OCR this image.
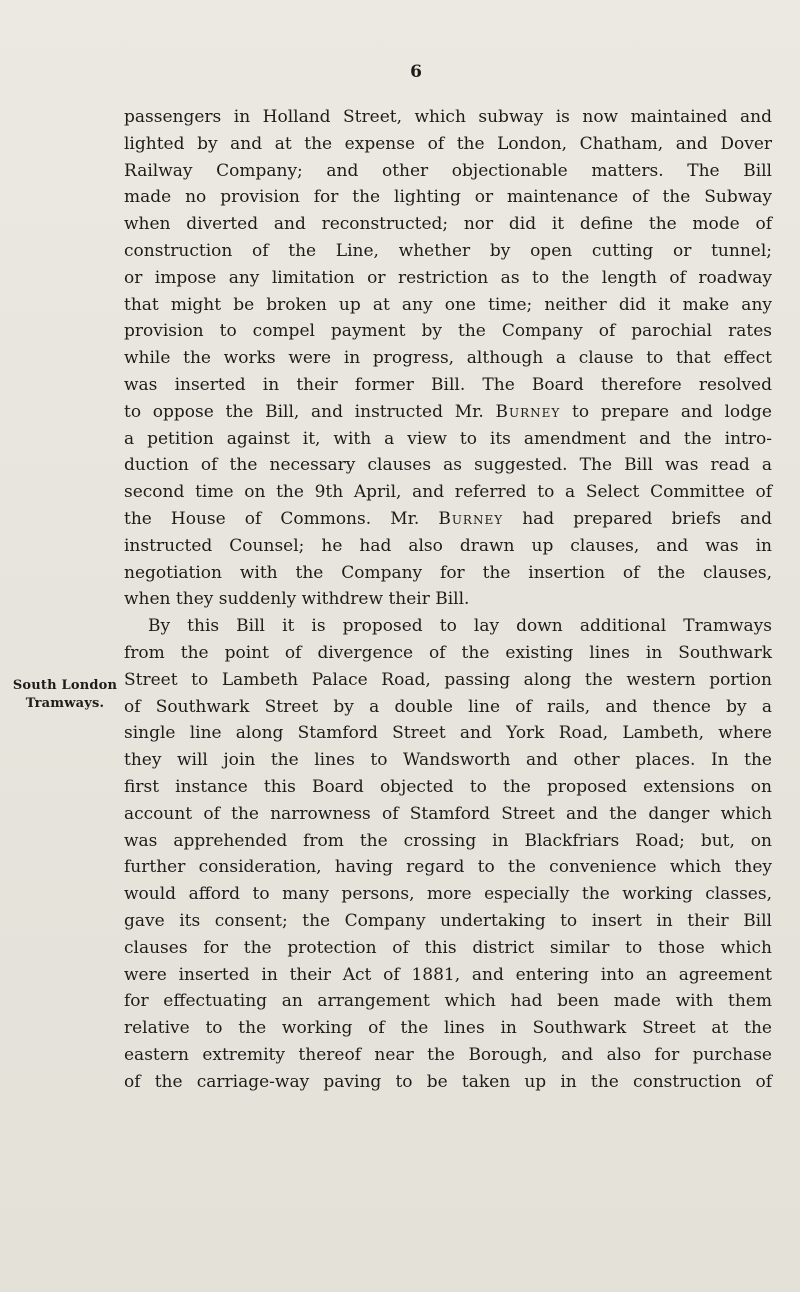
6
South London
Tramways.
passengers in Holland Street, which subway is now maintained and
lighted by and at the expense of the London, Chatham, and Dover
Railway Company; and other objectionable matters. The Bill
made no provision for the lighting or maintenance of the Subway
when diverted and reconstructed; nor did it define the mode of
construction of the Line, whether by open cutting or tunnel;
or impose any limitation or restriction as to the length of roadway
that might be broken up at any one time; neither did it make any
provision to compel payment by the Company of parochial rates
while the works were in progress, although a clause to that effect
was inserted in their former Bill. The Board therefore resolved
to oppose the Bill, and instructed Mr. Burney to prepare and lodge
a petition against it, with a view to its amendment and the intro-
duction of the necessary clauses as suggested. The Bill was read a
second time on the 9th April, and referred to a Select Committee of
the House of Commons. Mr. Burney had prepared briefs and
instructed Counsel; he had also drawn up clauses, and was in
negotiation with the Company for the insertion of the clauses,
when they suddenly withdrew their Bill.
By this Bill it is proposed to lay down additional Tramways
from the point of divergence of the existing lines in Southwark
Street to Lambeth Palace Road, passing along the western portion
of Southwark Street by a double line of rails, and thence by a
single line along Stamford Street and York Road, Lambeth, where
they will join the lines to Wandsworth and other places. In the
first instance this Board objected to the proposed extensions on
account of the narrowness of Stamford Street and the danger which
was apprehended from the crossing in Blackfriars Road; but, on
further consideration, having regard to the convenience which they
would afford to many persons, more especially the working classes,
gave its consent; the Company undertaking to insert in their Bill
clauses for the protection of this district similar to those which
were inserted in their Act of 1881, and entering into an agreement
for effectuating an arrangement which had been made with them
relative to the working of the lines in Southwark Street at the
eastern extremity thereof near the Borough, and also for purchase
of the carriage-way paving to be taken up in the construction of
